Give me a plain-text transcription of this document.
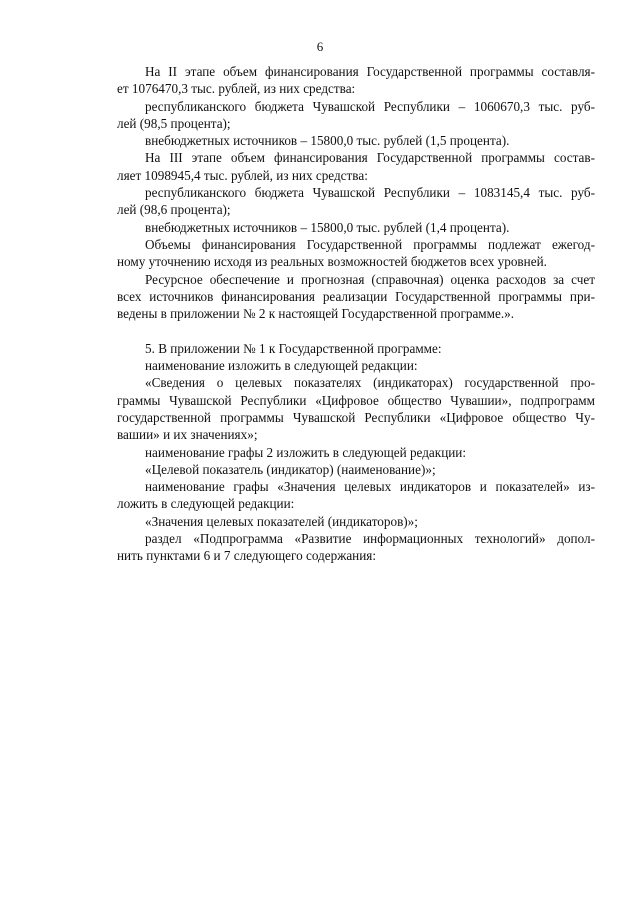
6
На II этапе объем финансирования Государственной программы составля-
ет 1076470,3 тыс. рублей, из них средства:
республиканского бюджета Чувашской Республики – 1060670,3 тыс. руб-
лей (98,5 процента);
внебюджетных источников – 15800,0 тыс. рублей (1,5 процента).
На III этапе объем финансирования Государственной программы состав-
ляет 1098945,4 тыс. рублей, из них средства:
республиканского бюджета Чувашской Республики – 1083145,4 тыс. руб-
лей (98,6 процента);
внебюджетных источников – 15800,0 тыс. рублей (1,4 процента).
Объемы финансирования Государственной программы подлежат ежегод-
ному уточнению исходя из реальных возможностей бюджетов всех уровней.
Ресурсное обеспечение и прогнозная (справочная) оценка расходов за счет
всех источников финансирования реализации Государственной программы при-
ведены в приложении № 2 к настоящей Государственной программе.».
5. В приложении № 1 к Государственной программе:
наименование изложить в следующей редакции:
«Сведения о целевых показателях (индикаторах) государственной про-
граммы Чувашской Республики «Цифровое общество Чувашии», подпрограмм
государственной программы Чувашской Республики «Цифровое общество Чу-
вашии» и их значениях»;
наименование графы 2 изложить в следующей редакции:
«Целевой показатель (индикатор) (наименование)»;
наименование графы «Значения целевых индикаторов и показателей» из-
ложить в следующей редакции:
«Значения целевых показателей (индикаторов)»;
раздел «Подпрограмма «Развитие информационных технологий» допол-
нить пунктами 6 и 7 следующего содержания:
